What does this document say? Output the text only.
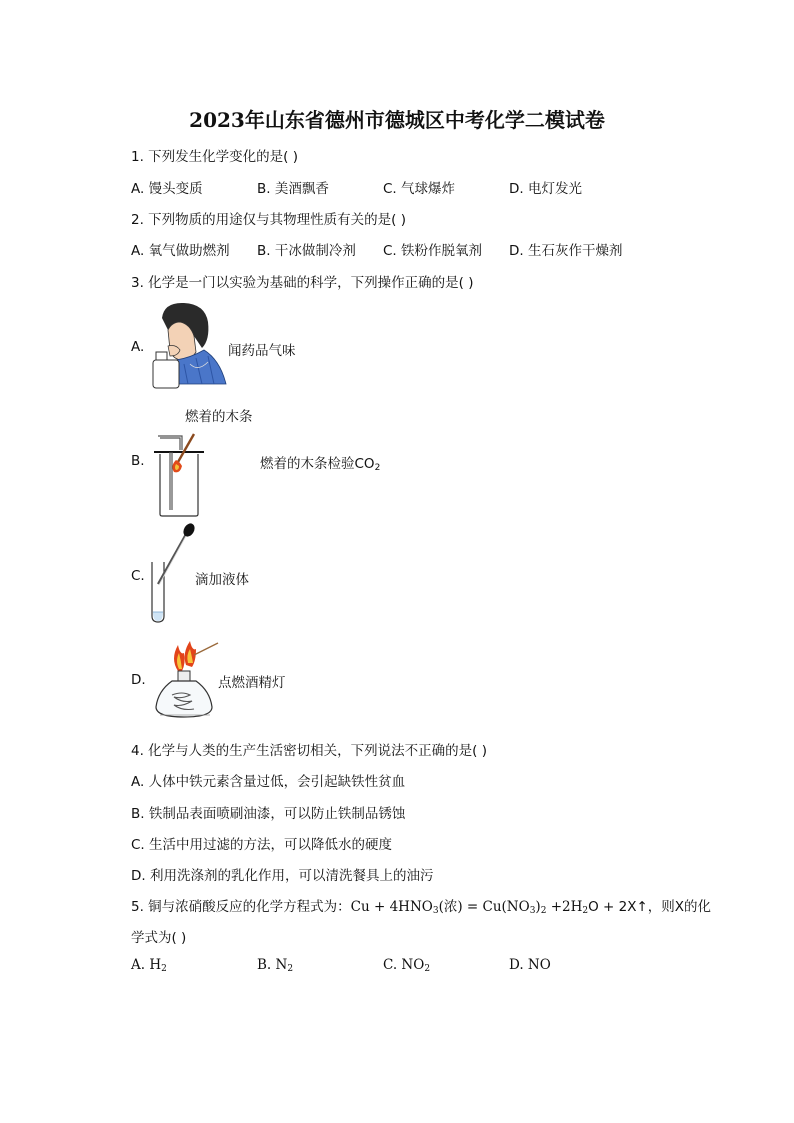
2023年山东省德州市德城区中考化学二模试卷
1. 下列发生化学变化的是( )
A. 馒头变质	B. 美酒飘香	C. 气球爆炸	D. 电灯发光
2. 下列物质的用途仅与其物理性质有关的是( )
A. 氧气做助燃剂 B. 干冰做制冷剂 C. 铁粉作脱氧剂 D. 生石灰作干燥剂
3. 化学是一门以实验为基础的科学，下列操作正确的是( )
A.	闻药品气味
燃着的木条
B.	燃着的木条检验$CO_2$
C.	滴加液体
D.	点燃酒精灯
4. 化学与人类的生产生活密切相关，下列说法不正确的是( )
A. 人体中铁元素含量过低，会引起缺铁性贫血
B. 铁制品表面喷刷油漆，可以防止铁制品锈蚀
C. 生活中用过滤的方法，可以降低水的硬度
D. 利用洗涤剂的乳化作用，可以清洗餐具上的油污
5. 铜与浓硝酸反应的化学方程式为：$Cu + 4HNO_3$(浓) = $Cu(NO_3)_2 +2H_2O$ + 2X↑，则X的化
学式为( )
A. $H_2$	B. $N_2$	C. $NO_2$	D. NO
